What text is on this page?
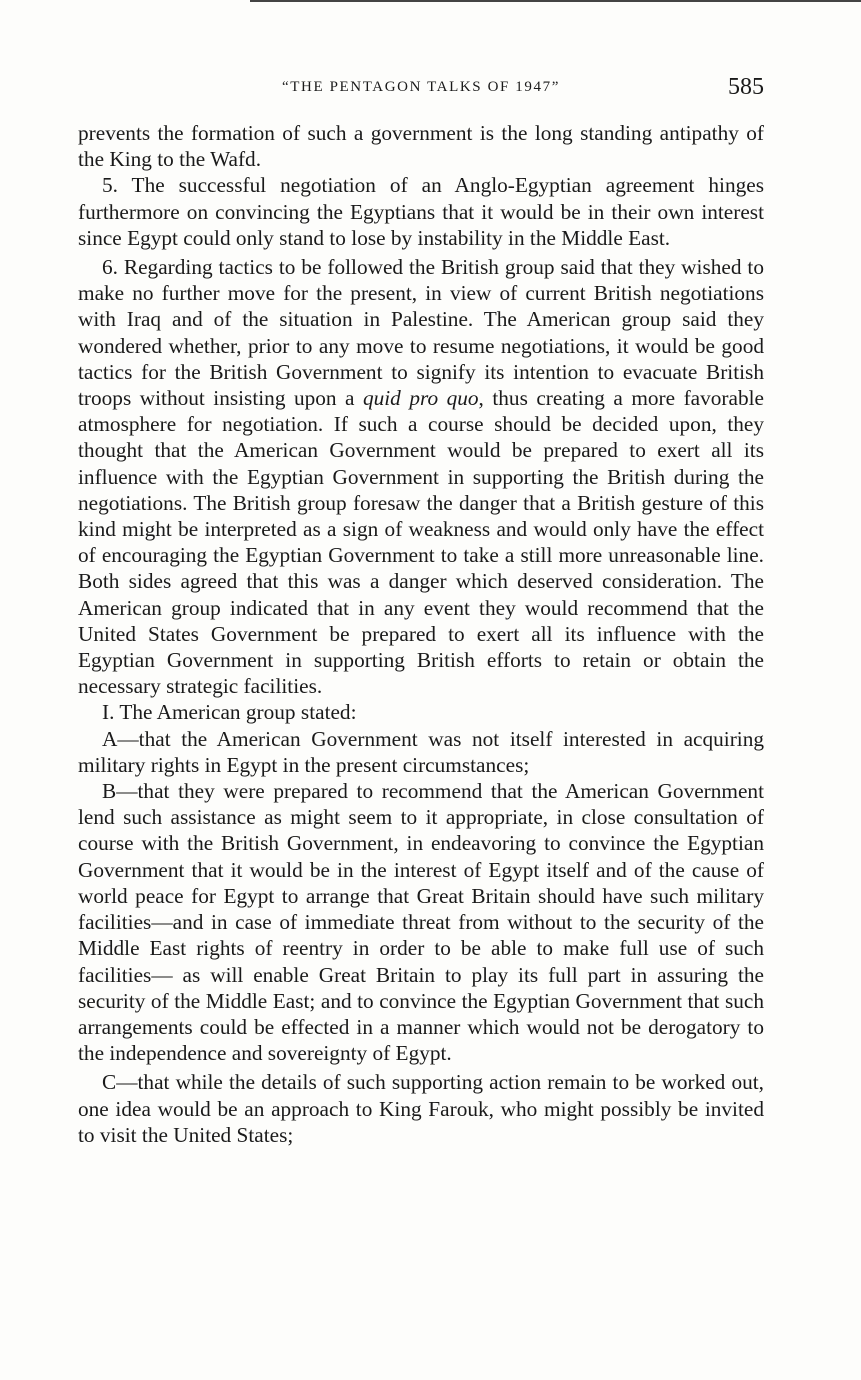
“THE PENTAGON TALKS OF 1947”	585

prevents the formation of such a government is the long standing antipathy of the King to the Wafd.

5. The successful negotiation of an Anglo-Egyptian agreement hinges furthermore on convincing the Egyptians that it would be in their own interest since Egypt could only stand to lose by instability in the Middle East.

6. Regarding tactics to be followed the British group said that they wished to make no further move for the present, in view of current British negotiations with Iraq and of the situation in Palestine. The American group said they wondered whether, prior to any move to resume negotiations, it would be good tactics for the British Government to signify its intention to evacuate British troops without insisting upon a quid pro quo, thus creating a more favorable atmosphere for negotiation. If such a course should be decided upon, they thought that the American Government would be prepared to exert all its influence with the Egyptian Government in supporting the British during the negotiations. The British group foresaw the danger that a British gesture of this kind might be interpreted as a sign of weakness and would only have the effect of encouraging the Egyptian Government to take a still more unreasonable line. Both sides agreed that this was a danger which deserved consideration. The American group indicated that in any event they would recommend that the United States Government be prepared to exert all its influence with the Egyptian Government in supporting British efforts to retain or obtain the necessary strategic facilities.

I. The American group stated:

A—that the American Government was not itself interested in acquiring military rights in Egypt in the present circumstances;

B—that they were prepared to recommend that the American Government lend such assistance as might seem to it appropriate, in close consultation of course with the British Government, in endeavoring to convince the Egyptian Government that it would be in the interest of Egypt itself and of the cause of world peace for Egypt to arrange that Great Britain should have such military facilities—and in case of immediate threat from without to the security of the Middle East rights of reentry in order to be able to make full use of such facilities— as will enable Great Britain to play its full part in assuring the security of the Middle East; and to convince the Egyptian Government that such arrangements could be effected in a manner which would not be derogatory to the independence and sovereignty of Egypt.

C—that while the details of such supporting action remain to be worked out, one idea would be an approach to King Farouk, who might possibly be invited to visit the United States;
